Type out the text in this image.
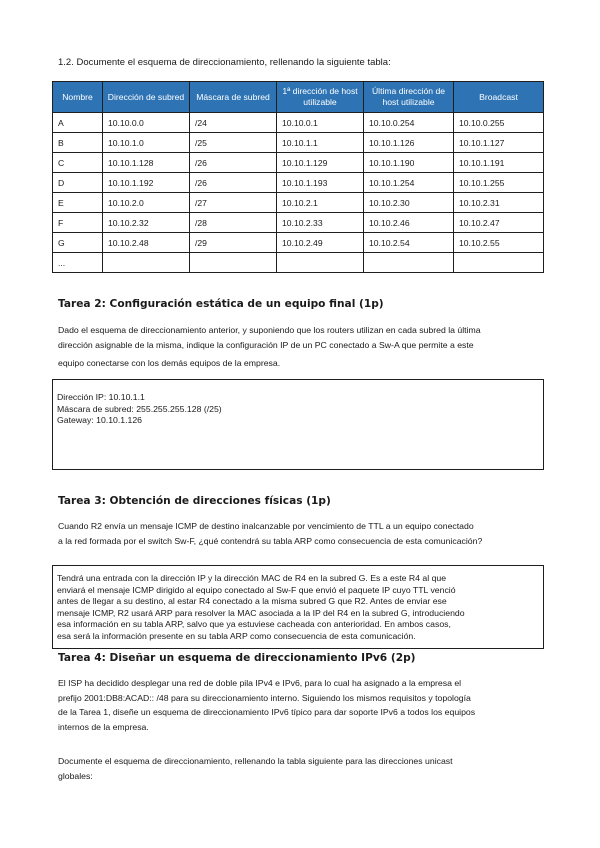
1.2. Documente el esquema de direccionamiento, rellenando la siguiente tabla:
Nombre	Dirección de subred	Máscara de subred	1ª dirección de host utilizable	Última dirección de host utilizable	Broadcast
A	10.10.0.0	/24	10.10.0.1	10.10.0.254	10.10.0.255
B	10.10.1.0	/25	10.10.1.1	10.10.1.126	10.10.1.127
C	10.10.1.128	/26	10.10.1.129	10.10.1.190	10.10.1.191
D	10.10.1.192	/26	10.10.1.193	10.10.1.254	10.10.1.255
E	10.10.2.0	/27	10.10.2.1	10.10.2.30	10.10.2.31
F	10.10.2.32	/28	10.10.2.33	10.10.2.46	10.10.2.47
G	10.10.2.48	/29	10.10.2.49	10.10.2.54	10.10.2.55
...					
Tarea 2: Configuración estática de un equipo final (1p)
Dado el esquema de direccionamiento anterior, y suponiendo que los routers utilizan en cada subred la última
dirección asignable de la misma, indique la configuración IP de un PC conectado a Sw-A que permite a este
equipo conectarse con los demás equipos de la empresa.
Dirección IP: 10.10.1.1
Máscara de subred: 255.255.255.128 (/25)
Gateway: 10.10.1.126
Tarea 3: Obtención de direcciones físicas (1p)
Cuando R2 envía un mensaje ICMP de destino inalcanzable por vencimiento de TTL a un equipo conectado
a la red formada por el switch Sw-F, ¿qué contendrá su tabla ARP como consecuencia de esta comunicación?
Tendrá una entrada con la dirección IP y la dirección MAC de R4 en la subred G. Es a este R4 al que
enviará el mensaje ICMP dirigido al equipo conectado al Sw-F que envió el paquete IP cuyo TTL venció
antes de llegar a su destino, al estar R4 conectado a la misma subred G que R2. Antes de enviar ese
mensaje ICMP, R2 usará ARP para resolver la MAC asociada a la IP del R4 en la subred G, introduciendo
esa información en su tabla ARP, salvo que ya estuviese cacheada con anterioridad. En ambos casos,
esa será la información presente en su tabla ARP como consecuencia de esta comunicación.
Tarea 4: Diseñar un esquema de direccionamiento IPv6 (2p)
El ISP ha decidido desplegar una red de doble pila IPv4 e IPv6, para lo cual ha asignado a la empresa el
prefijo 2001:DB8:ACAD:: /48 para su direccionamiento interno. Siguiendo los mismos requisitos y topología
de la Tarea 1, diseñe un esquema de direccionamiento IPv6 típico para dar soporte IPv6 a todos los equipos
internos de la empresa.
Documente el esquema de direccionamiento, rellenando la tabla siguiente para las direcciones unicast
globales:
